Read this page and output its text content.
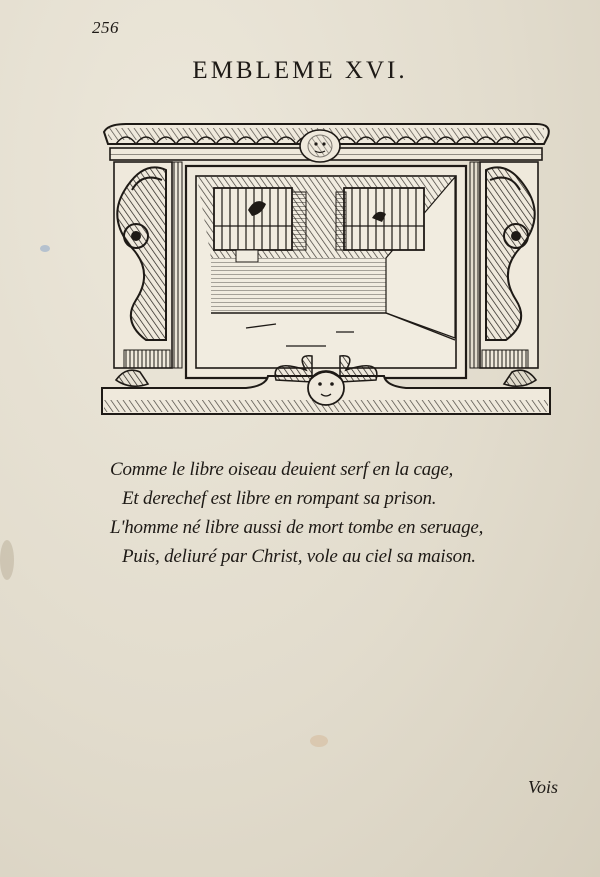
256
EMBLEME XVI.
Comme le libre oiseau deuient serf en la cage,
Et derechef est libre en rompant sa prison.
L'homme né libre aussi de mort tombe en seruage,
Puis, deliuré par Christ, vole au ciel sa maison.
Vois
